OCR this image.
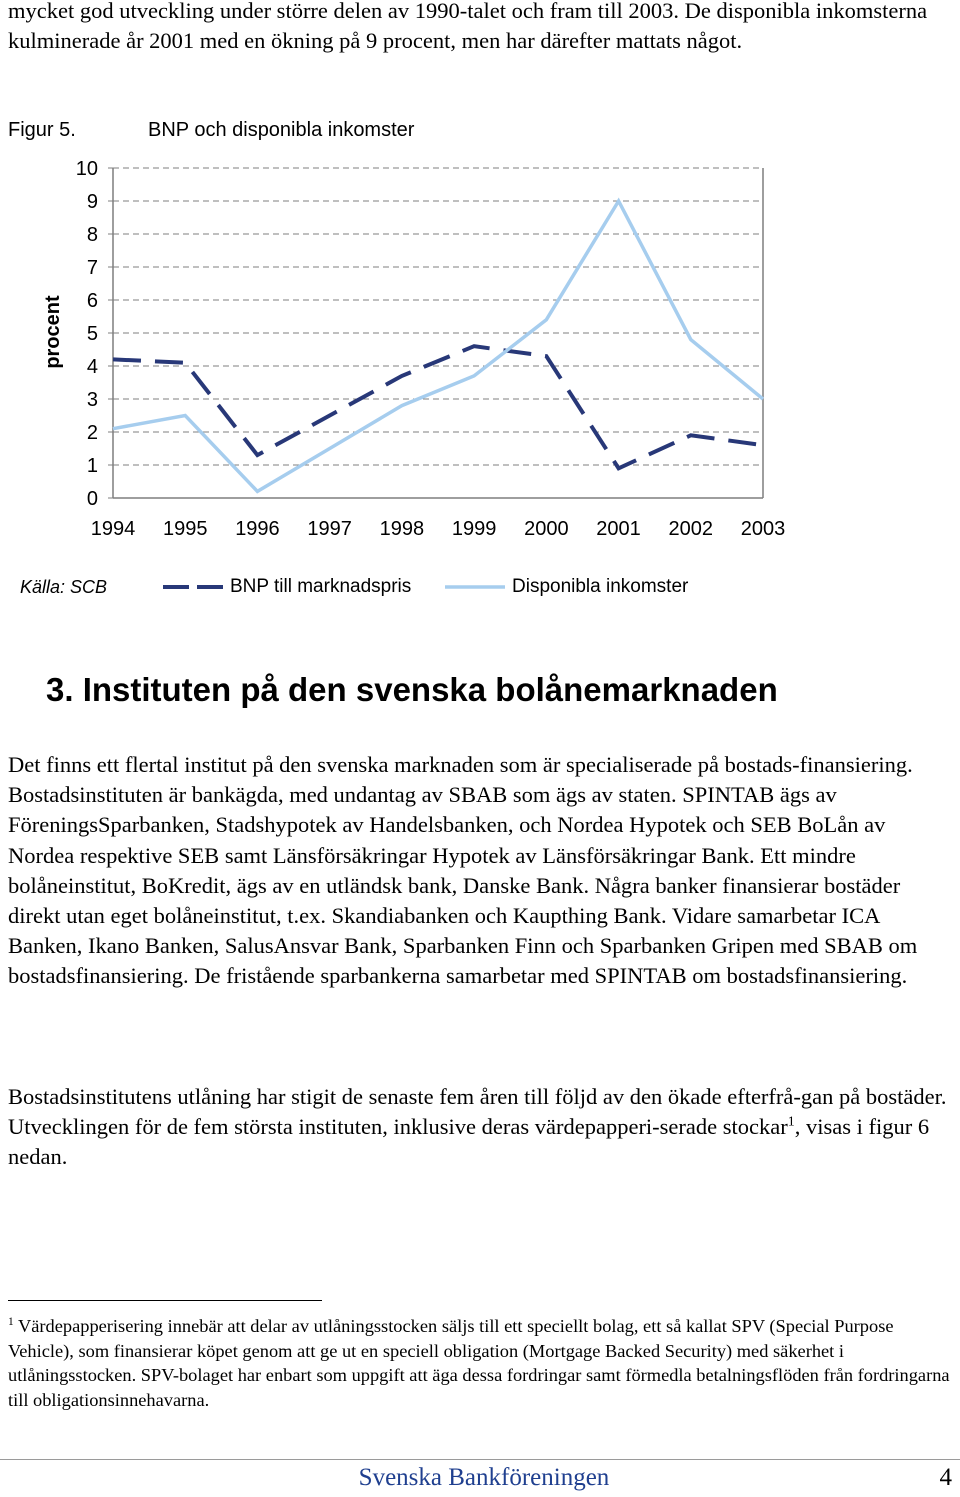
mycket god utveckling under större delen av 1990-talet och fram till 2003. De disponibla inkomsterna kulminerade år 2001 med en ökning på 9 procent, men har därefter mattats något.

Figur 5.	BNP och disponibla inkomster
procent
0
1
2
3
4
5
6
7
8
9
10
1994 1995 1996 1997 1998 1999 2000 2001 2002 2003
Källa: SCB	BNP till marknadspris	Disponibla inkomster
3. Instituten på den svenska bolånemarknaden

Det finns ett flertal institut på den svenska marknaden som är specialiserade på bostads-finansiering. Bostadsinstituten är bankägda, med undantag av SBAB som ägs av staten. SPINTAB ägs av FöreningsSparbanken, Stadshypotek av Handelsbanken, och Nordea Hypotek och SEB BoLån av Nordea respektive SEB samt Länsförsäkringar Hypotek av Länsförsäkringar Bank. Ett mindre bolåneinstitut, BoKredit, ägs av en utländsk bank, Danske Bank. Några banker finansierar bostäder direkt utan eget bolåneinstitut, t.ex. Skandiabanken och Kaupthing Bank. Vidare samarbetar ICA Banken, Ikano Banken, SalusAnsvar Bank, Sparbanken Finn och Sparbanken Gripen med SBAB om bostadsfinansiering. De fristående sparbankerna samarbetar med SPINTAB om bostadsfinansiering.

Bostadsinstitutens utlåning har stigit de senaste fem åren till följd av den ökade efterfrå-gan på bostäder. Utvecklingen för de fem största instituten, inklusive deras värdepapperi-serade stockar$^1$, visas i figur 6 nedan.

$^1$ Värdepapperisering innebär att delar av utlåningsstocken säljs till ett speciellt bolag, ett så kallat SPV (Special Purpose Vehicle), som finansierar köpet genom att ge ut en speciell obligation (Mortgage Backed Security) med säkerhet i utlåningsstocken. SPV-bolaget har enbart som uppgift att äga dessa fordringar samt förmedla betalningsflöden från fordringarna till obligationsinnehavarna.

Svenska Bankföreningen	4
